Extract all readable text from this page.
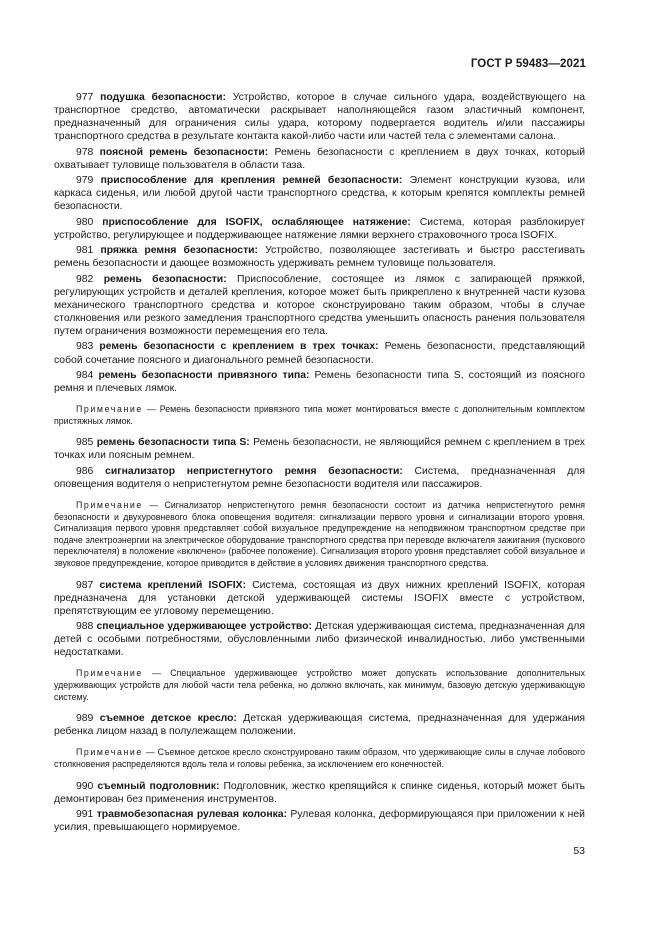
ГОСТ Р 59483—2021

977 подушка безопасности: Устройство, которое в случае сильного удара, воздействующего на транспортное средство, автоматически раскрывает наполняющейся газом эластичный компонент, предназначенный для ограничения силы удара, которому подвергается водитель и/или пассажиры транспортного средства в результате контакта какой-либо части или частей тела с элементами салона.

978 поясной ремень безопасности: Ремень безопасности с креплением в двух точках, который охватывает туловище пользователя в области таза.

979 приспособление для крепления ремней безопасности: Элемент конструкции кузова, или каркаса сиденья, или любой другой части транспортного средства, к которым крепятся комплекты ремней безопасности.

980 приспособление для ISOFIX, ослабляющее натяжение: Система, которая разблокирует устройство, регулирующее и поддерживающее натяжение лямки верхнего страховочного троса ISOFIX.

981 пряжка ремня безопасности: Устройство, позволяющее застегивать и быстро расстегивать ремень безопасности и дающее возможность удерживать ремнем туловище пользователя.

982 ремень безопасности: Приспособление, состоящее из лямок с запирающей пряжкой, регулирующих устройств и деталей крепления, которое может быть прикреплено к внутренней части кузова механического транспортного средства и которое сконструировано таким образом, чтобы в случае столкновения или резкого замедления транспортного средства уменьшить опасность ранения пользователя путем ограничения возможности перемещения его тела.

983 ремень безопасности с креплением в трех точках: Ремень безопасности, представляющий собой сочетание поясного и диагонального ремней безопасности.

984 ремень безопасности привязного типа: Ремень безопасности типа S, состоящий из поясного ремня и плечевых лямок.

Примечание — Ремень безопасности привязного типа может монтироваться вместе с дополнительным комплектом пристяжных лямок.

985 ремень безопасности типа S: Ремень безопасности, не являющийся ремнем с креплением в трех точках или поясным ремнем.

986 сигнализатор непристегнутого ремня безопасности: Система, предназначенная для оповещения водителя о непристегнутом ремне безопасности водителя или пассажиров.

Примечание — Сигнализатор непристегнутого ремня безопасности состоит из датчика непристегнутого ремня безопасности и двухуровневого блока оповещения водителя: сигнализации первого уровня и сигнализации второго уровня. Сигнализация первого уровня представляет собой визуальное предупреждение на неподвижном транспортном средстве при подаче электроэнергии на электрическое оборудование транспортного средства при переводе включателя зажигания (пускового переключателя) в положение «включено» (рабочее положение). Сигнализация второго уровня представляет собой визуальное и звуковое предупреждение, которое приводится в действие в условиях движения транспортного средства.

987 система креплений ISOFIX: Система, состоящая из двух нижних креплений ISOFIX, которая предназначена для установки детской удерживающей системы ISOFIX вместе с устройством, препятствующим ее угловому перемещению.

988 специальное удерживающее устройство: Детская удерживающая система, предназначенная для детей с особыми потребностями, обусловленными либо физической инвалидностью, либо умственными недостатками.

Примечание — Специальное удерживающее устройство может допускать использование дополнительных удерживающих устройств для любой части тела ребенка, но должно включать, как минимум, базовую детскую удерживающую систему.

989 съемное детское кресло: Детская удерживающая система, предназначенная для удержания ребенка лицом назад в полулежащем положении.

Примечание — Съемное детское кресло сконструировано таким образом, что удерживающие силы в случае лобового столкновения распределяются вдоль тела и головы ребенка, за исключением его конечностей.

990 съемный подголовник: Подголовник, жестко крепящийся к спинке сиденья, который может быть демонтирован без применения инструментов.

991 травмобезопасная рулевая колонка: Рулевая колонка, деформирующаяся при приложении к ней усилия, превышающего нормируемое.

53
